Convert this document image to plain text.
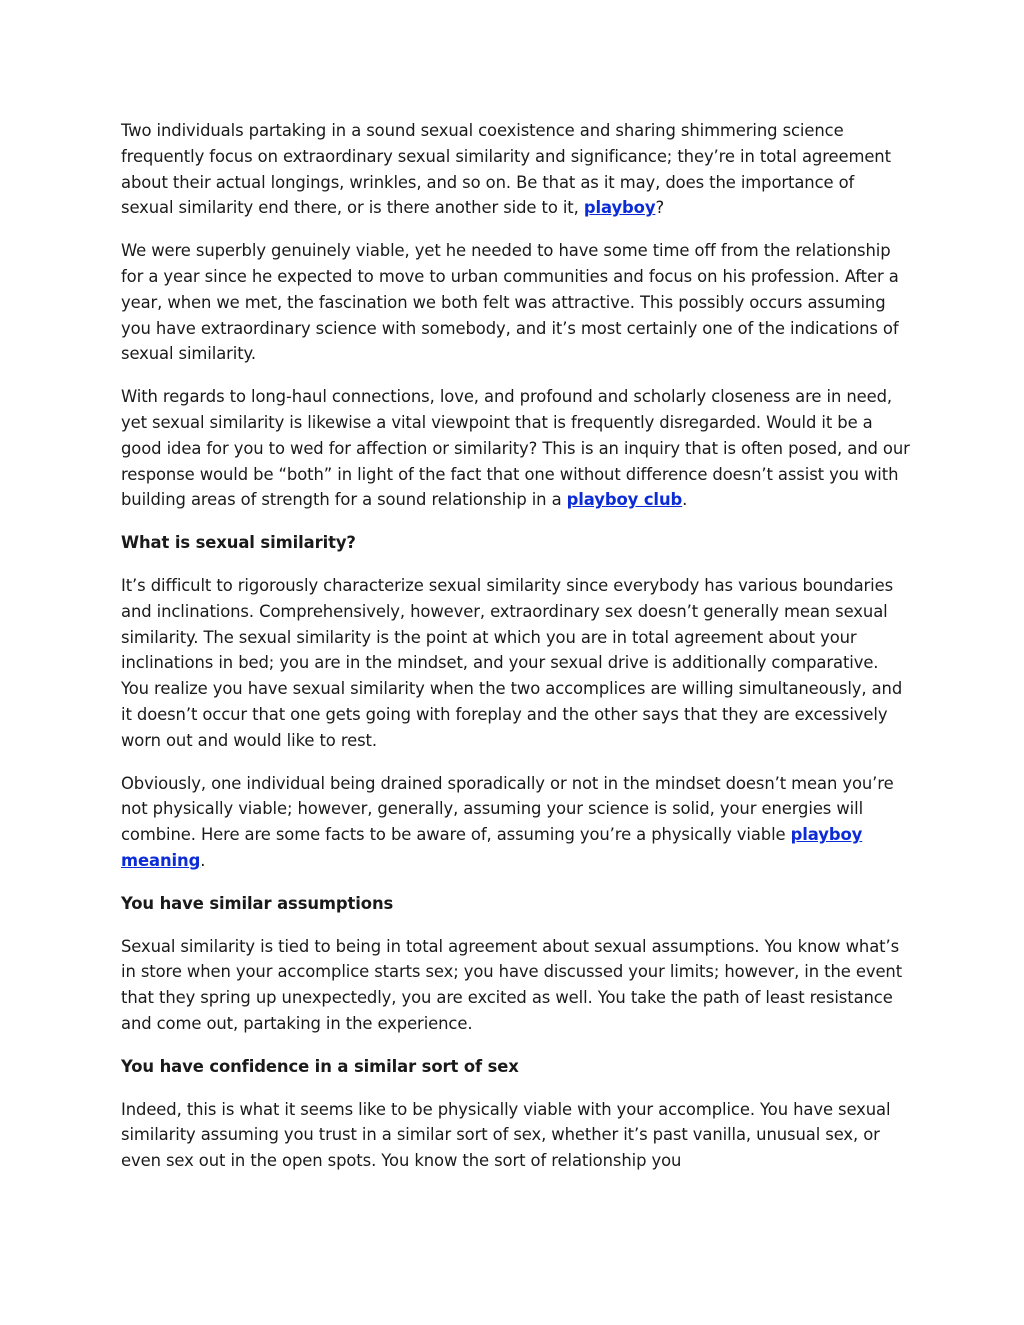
Two individuals partaking in a sound sexual coexistence and sharing shimmering science frequently focus on extraordinary sexual similarity and significance; they’re in total agreement about their actual longings, wrinkles, and so on. Be that as it may, does the importance of sexual similarity end there, or is there another side to it, playboy?

We were superbly genuinely viable, yet he needed to have some time off from the relationship for a year since he expected to move to urban communities and focus on his profession. After a year, when we met, the fascination we both felt was attractive. This possibly occurs assuming you have extraordinary science with somebody, and it’s most certainly one of the indications of sexual similarity.

With regards to long-haul connections, love, and profound and scholarly closeness are in need, yet sexual similarity is likewise a vital viewpoint that is frequently disregarded. Would it be a good idea for you to wed for affection or similarity? This is an inquiry that is often posed, and our response would be “both” in light of the fact that one without difference doesn’t assist you with building areas of strength for a sound relationship in a playboy club.

What is sexual similarity?

It’s difficult to rigorously characterize sexual similarity since everybody has various boundaries and inclinations. Comprehensively, however, extraordinary sex doesn’t generally mean sexual similarity. The sexual similarity is the point at which you are in total agreement about your inclinations in bed; you are in the mindset, and your sexual drive is additionally comparative. You realize you have sexual similarity when the two accomplices are willing simultaneously, and it doesn’t occur that one gets going with foreplay and the other says that they are excessively worn out and would like to rest.

Obviously, one individual being drained sporadically or not in the mindset doesn’t mean you’re not physically viable; however, generally, assuming your science is solid, your energies will combine. Here are some facts to be aware of, assuming you’re a physically viable playboy meaning.

You have similar assumptions

Sexual similarity is tied to being in total agreement about sexual assumptions. You know what’s in store when your accomplice starts sex; you have discussed your limits; however, in the event that they spring up unexpectedly, you are excited as well. You take the path of least resistance and come out, partaking in the experience.

You have confidence in a similar sort of sex

Indeed, this is what it seems like to be physically viable with your accomplice. You have sexual similarity assuming you trust in a similar sort of sex, whether it’s past vanilla, unusual sex, or even sex out in the open spots. You know the sort of relationship you
